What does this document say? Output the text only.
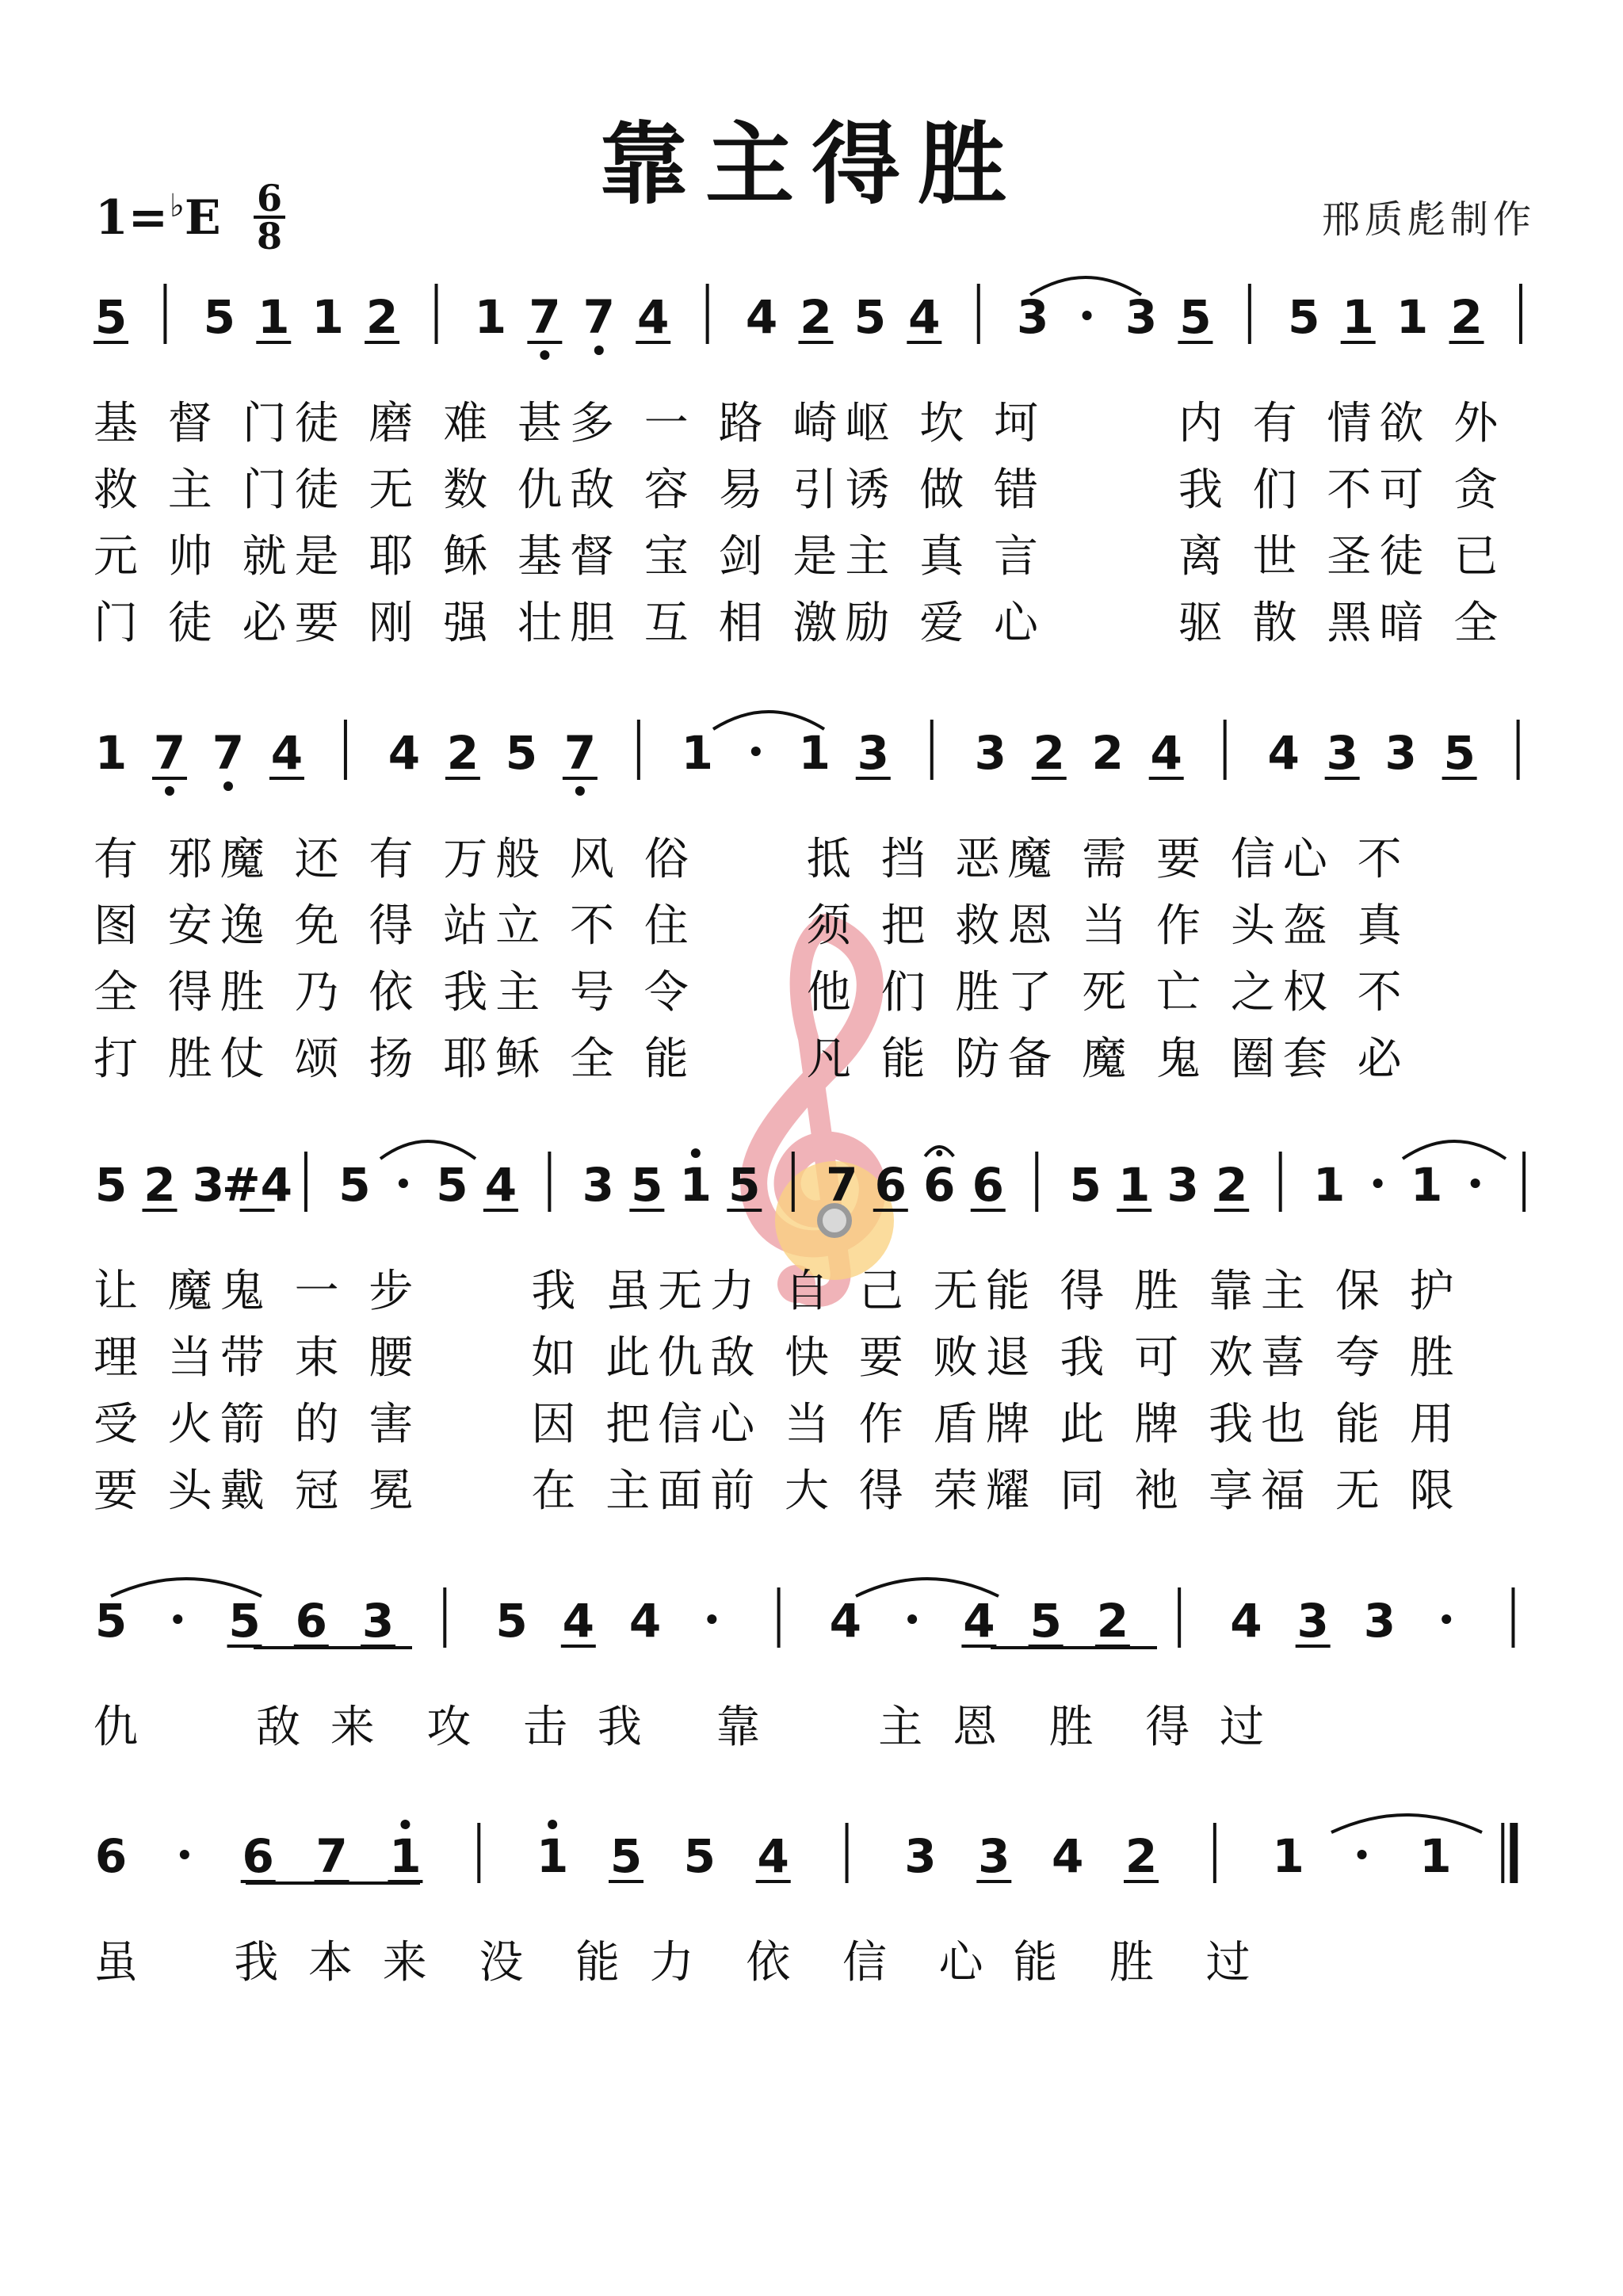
靠主得胜
1=♭E 6
8	邢质彪制作
5 5 1 1 2 1 7 7 4 4 2 5 4 3 3 5 5 1 1 2
1 7 7 4 4 2 5 7 1 1 3 3 2 2 4 4 3 3 5
5 2 3
#4 5 5 4 3 5 1 5 7 6 6 6 5 1 3 2 1 1
5 5 6 3 5 4 4	4 4 5 2 4 3 3
6	6 7 1	1 5 5 4	3 3 4 2	1	1
基 督 门徒 磨 难 甚多 一 路 崎岖 坎 坷      内 有 情欲 外
救 主 门徒 无 数 仇敌 容 易 引诱 做 错      我 们 不可 贪
元 帅 就是 耶 稣 基督 宝 剑 是主 真 言      离 世 圣徒 已
门 徒 必要 刚 强 壮胆 互 相 激励 爱 心      驱 散 黑暗 全
有 邪魔 还 有 万般 风 俗     抵 挡 恶魔 需 要 信心 不
图 安逸 免 得 站立 不 住     须 把 救恩 当 作 头盔 真
全 得胜 乃 依 我主 号 令     他 们 胜了 死 亡 之权 不
打 胜仗 颂 扬 耶稣 全 能     凡 能 防备 魔 鬼 圈套 必
让 魔鬼 一 步     我 虽无力 自 己 无能 得 胜 靠主 保 护
理 当带 束 腰     如 此仇敌 快 要 败退 我 可 欢喜 夸 胜
受 火箭 的 害     因 把信心 当 作 盾牌 此 牌 我也 能 用
要 头戴 冠 冕     在 主面前 大 得 荣耀 同 衪 享福 无 限
仇     敌 来  攻  击 我   靠     主 恩  胜  得 过
虽    我 本 来  没  能 力  依  信  心 能  胜  过
